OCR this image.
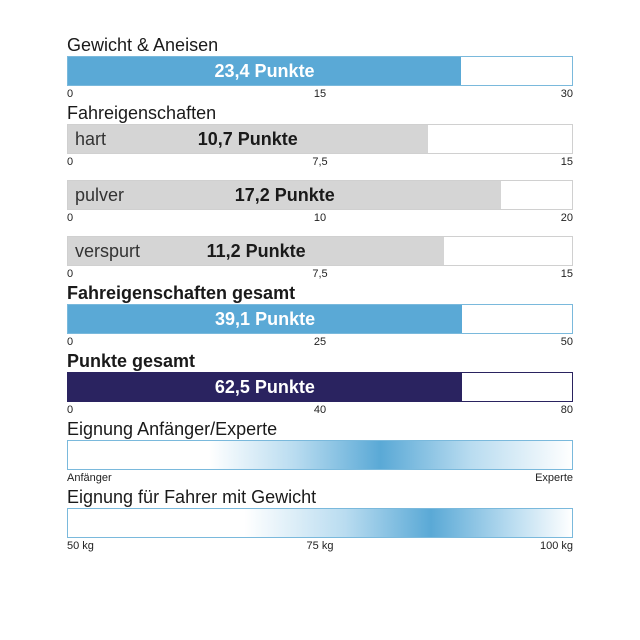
Gewicht & Aneisen
23,4 Punkte
0	15	30
Fahreigenschaften
hart	10,7 Punkte
0	7,5	15
pulver	17,2 Punkte
0	10	20
verspurt	11,2 Punkte
0	7,5	15
Fahreigenschaften gesamt
39,1 Punkte
0	25	50
Punkte gesamt
62,5 Punkte
0	40	80
Eignung Anfänger/Experte
Anfänger	Experte
Eignung für Fahrer mit Gewicht
50 kg	75 kg	100 kg
